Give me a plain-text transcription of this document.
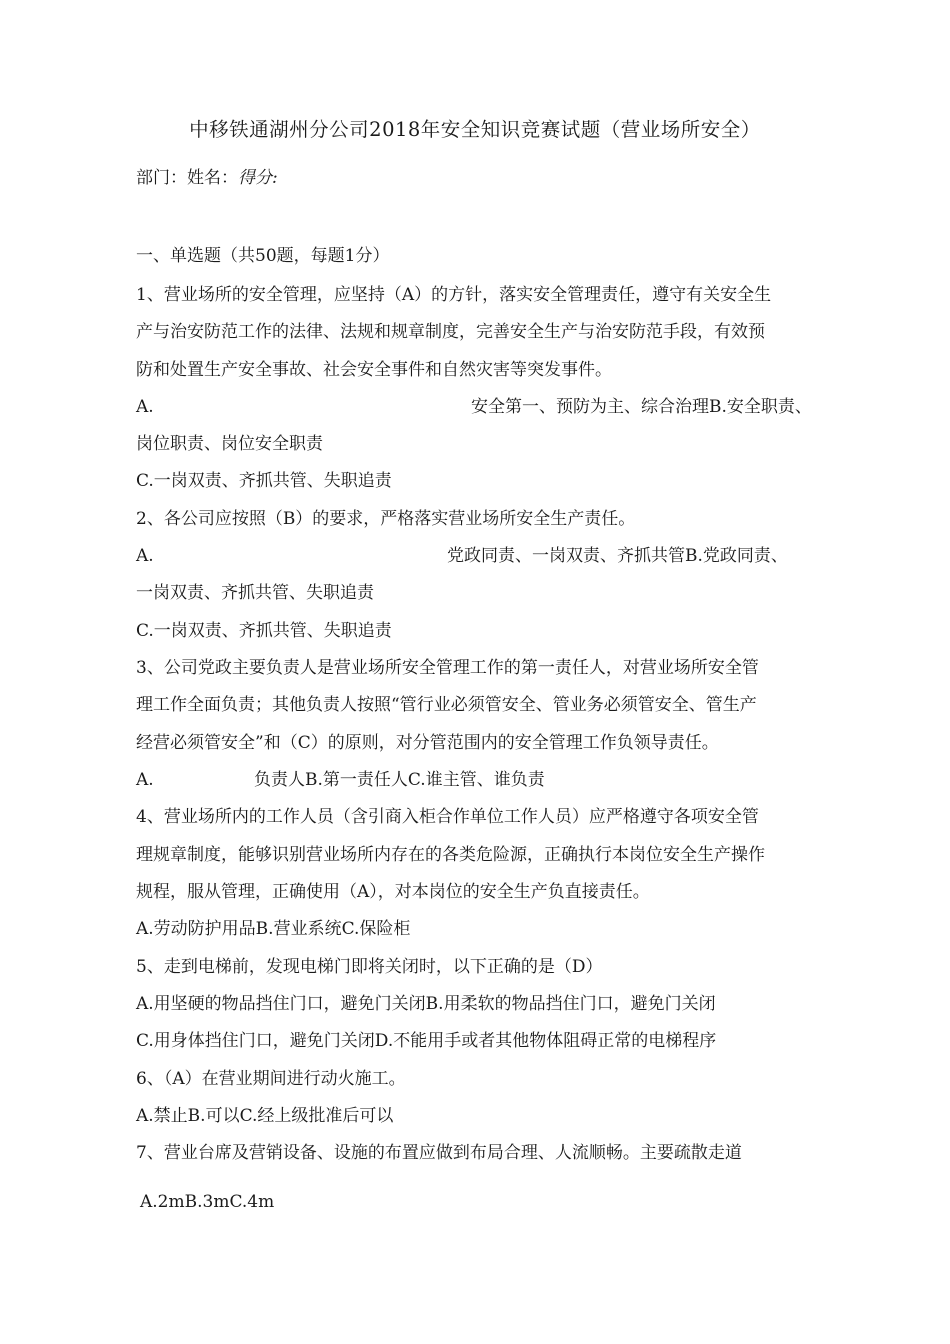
中移铁通湖州分公司2018年安全知识竞赛试题（营业场所安全）
部门：姓名：得分:
一、单选题（共50题，每题1分）
1、营业场所的安全管理，应坚持（A）的方针，落实安全管理责任，遵守有关安全生
产与治安防范工作的法律、法规和规章制度，完善安全生产与治安防范手段，有效预
防和处置生产安全事故、社会安全事件和自然灾害等突发事件。
A.	安全第一、预防为主、综合治理B.安全职责、
岗位职责、岗位安全职责
C.一岗双责、齐抓共管、失职追责
2、各公司应按照（B）的要求，严格落实营业场所安全生产责任。
A.	党政同责、一岗双责、齐抓共管B.党政同责、
一岗双责、齐抓共管、失职追责
C.一岗双责、齐抓共管、失职追责
3、公司党政主要负责人是营业场所安全管理工作的第一责任人，对营业场所安全管
理工作全面负责；其他负责人按照“管行业必须管安全、管业务必须管安全、管生产
经营必须管安全”和（C）的原则，对分管范围内的安全管理工作负领导责任。
A.	负责人B.第一责任人C.谁主管、谁负责
4、营业场所内的工作人员（含引商入柜合作单位工作人员）应严格遵守各项安全管
理规章制度，能够识别营业场所内存在的各类危险源，正确执行本岗位安全生产操作
规程，服从管理，正确使用（A），对本岗位的安全生产负直接责任。
A.劳动防护用品B.营业系统C.保险柜
5、走到电梯前，发现电梯门即将关闭时，以下正确的是（D）
A.用坚硬的物品挡住门口，避免门关闭B.用柔软的物品挡住门口，避免门关闭
C.用身体挡住门口，避免门关闭D.不能用手或者其他物体阻碍正常的电梯程序
6、（A）在营业期间进行动火施工。
A.禁止B.可以C.经上级批准后可以
7、营业台席及营销设备、设施的布置应做到布局合理、人流顺畅。主要疏散走道
A.2mB.3mC.4m
